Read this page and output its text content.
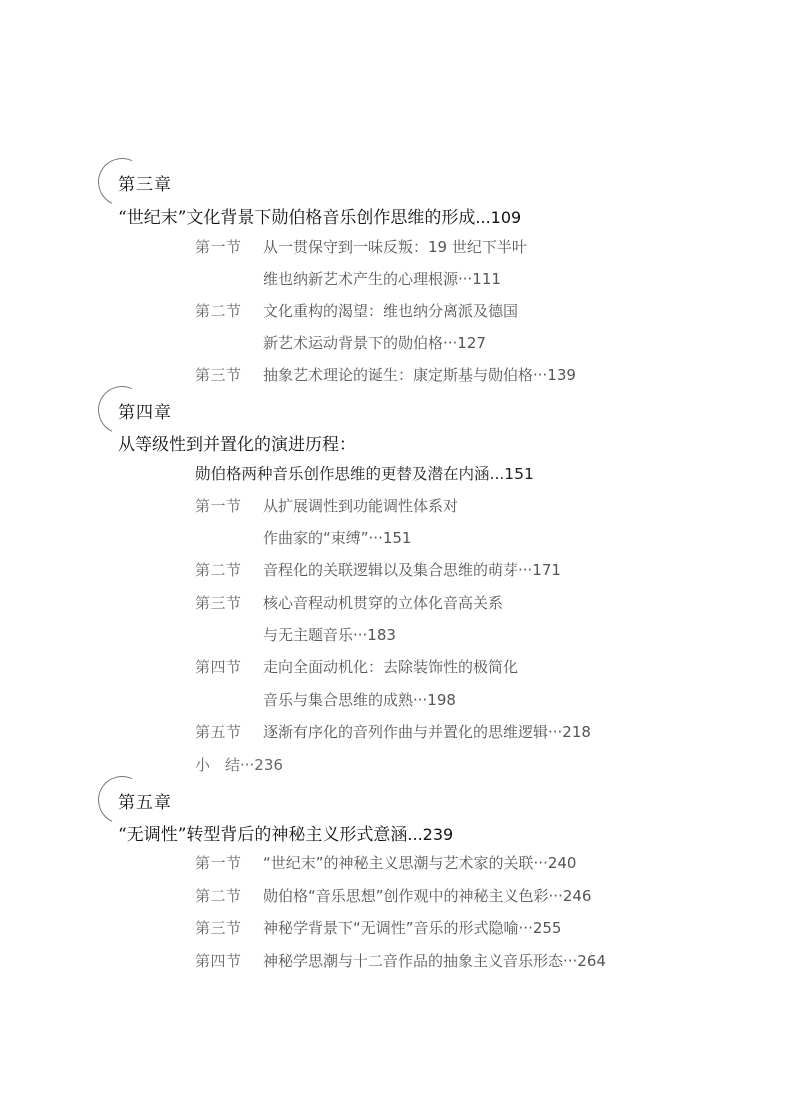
第三章
“世纪末”文化背景下勋伯格音乐创作思维的形成...109
第一节 从一贯保守到一味反叛：19 世纪下半叶
维也纳新艺术产生的心理根源···111
第二节 文化重构的渴望：维也纳分离派及德国
新艺术运动背景下的勋伯格···127
第三节 抽象艺术理论的诞生：康定斯基与勋伯格···139
第四章
从等级性到并置化的演进历程：
勋伯格两种音乐创作思维的更替及潜在内涵...151
第一节 从扩展调性到功能调性体系对
作曲家的“束缚”···151
第二节 音程化的关联逻辑以及集合思维的萌芽···171
第三节 核心音程动机贯穿的立体化音高关系
与无主题音乐···183
第四节 走向全面动机化：去除装饰性的极简化
音乐与集合思维的成熟···198
第五节 逐渐有序化的音列作曲与并置化的思维逻辑···218
小　结···236
第五章
“无调性”转型背后的神秘主义形式意涵...239
第一节 “世纪末”的神秘主义思潮与艺术家的关联···240
第二节 勋伯格“音乐思想”创作观中的神秘主义色彩···246
第三节 神秘学背景下“无调性”音乐的形式隐喻···255
第四节 神秘学思潮与十二音作品的抽象主义音乐形态···264
